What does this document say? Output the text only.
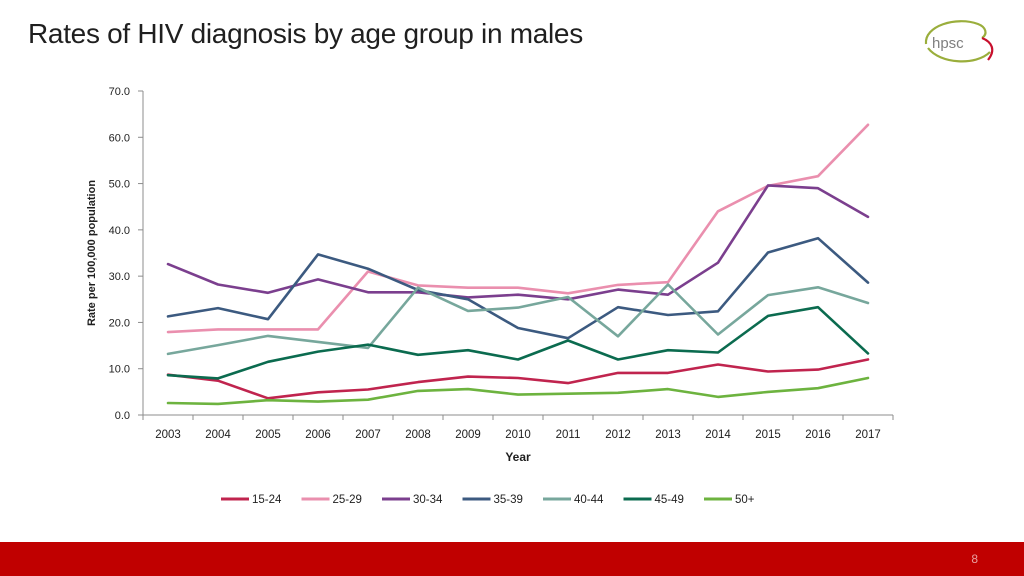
Rates of HIV diagnosis by age group in males	hpsc
0.0
10.0
20.0
30.0
40.0
50.0
60.0
70.0
2003 2004 2005 2006 2007 2008 2009 2010 2011 2012 2013 2014 2015 2016 2017
15-24	25-29	30-34	35-39	40-44	45-49	50+
Rate per 100,000 population
Year
8
